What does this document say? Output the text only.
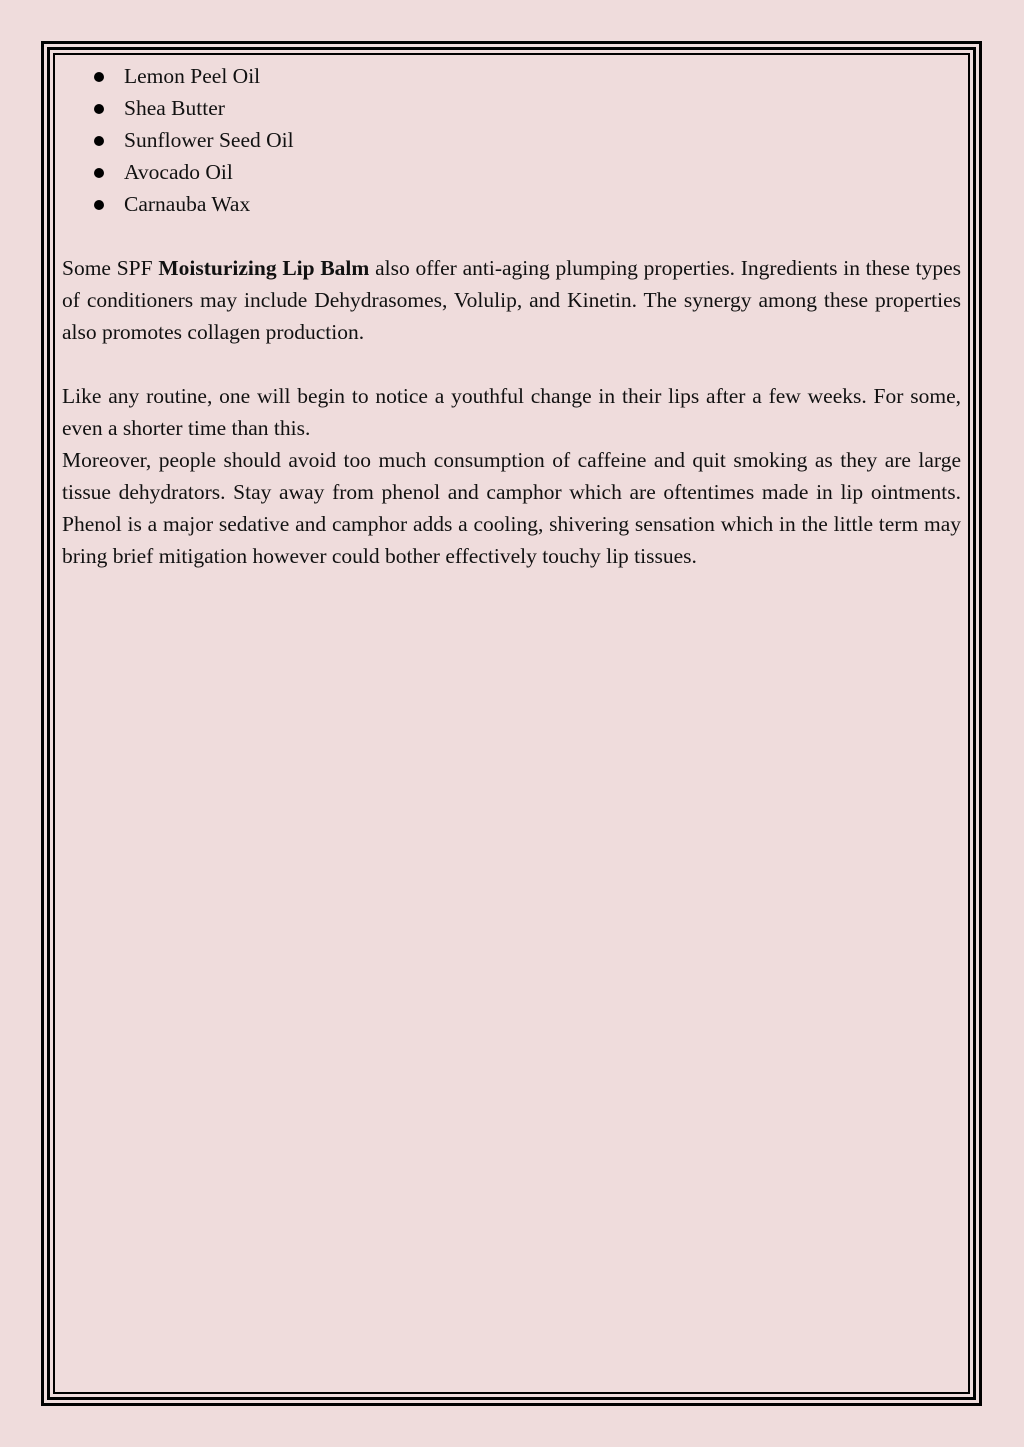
Lemon Peel Oil
Shea Butter
Sunflower Seed Oil
Avocado Oil
Carnauba Wax

Some SPF Moisturizing Lip Balm also offer anti-aging plumping properties. Ingredients in these types of conditioners may include Dehydrasomes, Volulip, and Kinetin. The synergy among these properties also promotes collagen production.

Like any routine, one will begin to notice a youthful change in their lips after a few weeks. For some, even a shorter time than this.

Moreover, people should avoid too much consumption of caffeine and quit smoking as they are large tissue dehydrators. Stay away from phenol and camphor which are oftentimes made in lip ointments. Phenol is a major sedative and camphor adds a cooling, shivering sensation which in the little term may bring brief mitigation however could bother effectively touchy lip tissues.
